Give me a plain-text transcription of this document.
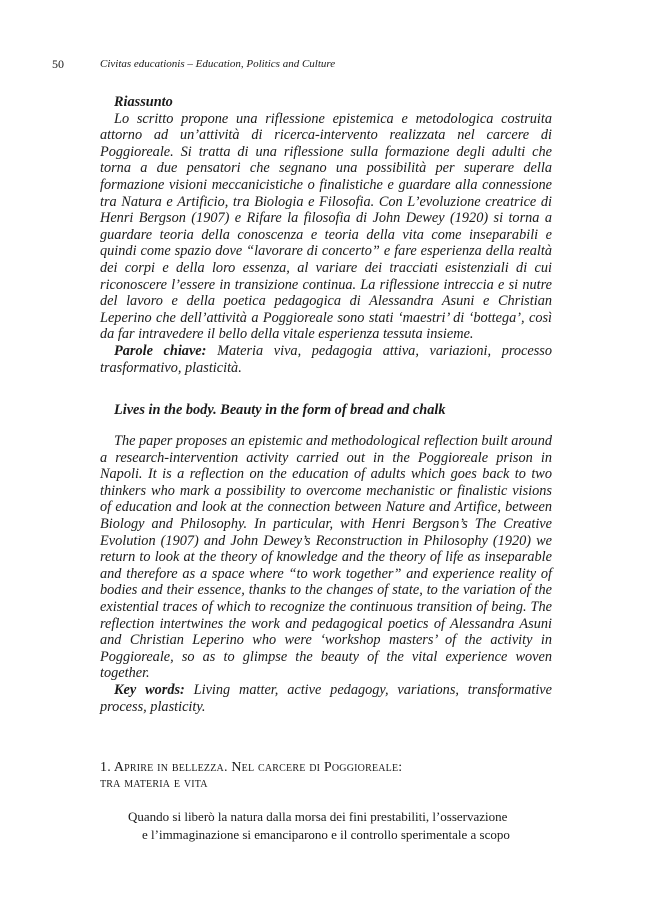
50	Civitas educationis – Education, Politics and Culture

Riassunto

Lo scritto propone una riflessione epistemica e metodologica costruita attorno ad un’attività di ricerca-intervento realizzata nel carcere di Poggioreale. Si tratta di una riflessione sulla formazione degli adulti che torna a due pensatori che segnano una possibilità per superare della formazione visioni meccanicistiche o finalistiche e guardare alla connessione tra Natura e Artificio, tra Biologia e Filosofia. Con L’evoluzione creatrice di Henri Bergson (1907) e Rifare la filosofia di John Dewey (1920) si torna a guardare teoria della conoscenza e teoria della vita come inseparabili e quindi come spazio dove “lavorare di concerto” e fare esperienza della realtà dei corpi e della loro essenza, al variare dei tracciati esistenziali di cui riconoscere l’essere in transizione continua. La riflessione intreccia e si nutre del lavoro e della poetica pedagogica di Alessandra Asuni e Christian Leperino che dell’attività a Poggioreale sono stati ‘maestri’ di ‘bottega’, così da far intravedere il bello della vitale esperienza tessuta insieme.

Parole chiave: Materia viva, pedagogia attiva, variazioni, processo trasformativo, plasticità.

Lives in the body. Beauty in the form of bread and chalk

The paper proposes an epistemic and methodological reflection built around a research-intervention activity carried out in the Poggioreale prison in Napoli. It is a reflection on the education of adults which goes back to two thinkers who mark a possibility to overcome mechanistic or finalistic visions of education and look at the connection between Nature and Artifice, between Biology and Philosophy. In particular, with Henri Bergson’s The Creative Evolution (1907) and John Dewey’s Reconstruction in Philosophy (1920) we return to look at the theory of knowledge and the theory of life as inseparable and therefore as a space where “to work together” and experience reality of bodies and their essence, thanks to the changes of state, to the variation of the existential traces of which to recognize the continuous transition of being. The reflection intertwines the work and pedagogical poetics of Alessandra Asuni and Christian Leperino who were ‘workshop masters’ of the activity in Poggioreale, so as to glimpse the beauty of the vital experience woven together.

Key words: Living matter, active pedagogy, variations, transformative process, plasticity.

1. Aprire in bellezza. Nel carcere di Poggioreale:
tra materia e vita
Quando si liberò la natura dalla morsa dei fini prestabiliti, l’osservazione
e l’immaginazione si emanciparono e il controllo sperimentale a scopo
